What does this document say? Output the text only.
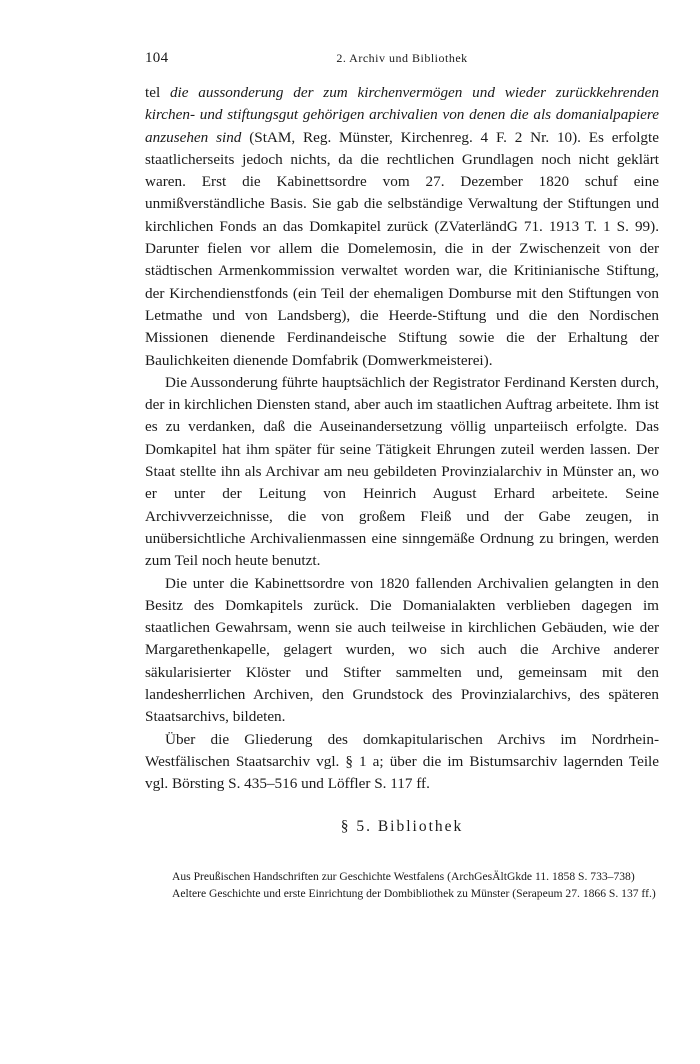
104	2. Archiv und Bibliothek

tel die aussonderung der zum kirchenvermögen und wieder zurückkehrenden kirchen- und stiftungsgut gehörigen archivalien von denen die als domanialpapiere anzusehen sind (StAM, Reg. Münster, Kirchenreg. 4 F. 2 Nr. 10). Es erfolgte staatlicherseits jedoch nichts, da die rechtlichen Grundlagen noch nicht geklärt waren. Erst die Kabinettsordre vom 27. Dezember 1820 schuf eine unmißverständliche Basis. Sie gab die selbständige Verwaltung der Stiftungen und kirchlichen Fonds an das Domkapitel zurück (ZVaterländG 71. 1913 T. 1 S. 99). Darunter fielen vor allem die Domelemosin, die in der Zwischenzeit von der städtischen Armenkommission verwaltet worden war, die Kritinianische Stiftung, der Kirchendienstfonds (ein Teil der ehemaligen Domburse mit den Stiftungen von Letmathe und von Landsberg), die Heerde-Stiftung und die den Nordischen Missionen dienende Ferdinandeische Stiftung sowie die der Erhaltung der Baulichkeiten dienende Domfabrik (Domwerkmeisterei).

Die Aussonderung führte hauptsächlich der Registrator Ferdinand Kersten durch, der in kirchlichen Diensten stand, aber auch im staatlichen Auftrag arbeitete. Ihm ist es zu verdanken, daß die Auseinandersetzung völlig unparteiisch erfolgte. Das Domkapitel hat ihm später für seine Tätigkeit Ehrungen zuteil werden lassen. Der Staat stellte ihn als Archivar am neu gebildeten Provinzialarchiv in Münster an, wo er unter der Leitung von Heinrich August Erhard arbeitete. Seine Archivverzeichnisse, die von großem Fleiß und der Gabe zeugen, in unübersichtliche Archivalienmassen eine sinngemäße Ordnung zu bringen, werden zum Teil noch heute benutzt.

Die unter die Kabinettsordre von 1820 fallenden Archivalien gelangten in den Besitz des Domkapitels zurück. Die Domanialakten verblieben dagegen im staatlichen Gewahrsam, wenn sie auch teilweise in kirchlichen Gebäuden, wie der Margarethenkapelle, gelagert wurden, wo sich auch die Archive anderer säkularisierter Klöster und Stifter sammelten und, gemeinsam mit den landesherrlichen Archiven, den Grundstock des Provinzialarchivs, des späteren Staatsarchivs, bildeten.

Über die Gliederung des domkapitularischen Archivs im Nordrhein-Westfälischen Staatsarchiv vgl. § 1 a; über die im Bistumsarchiv lagernden Teile vgl. Börsting S. 435–516 und Löffler S. 117 ff.

§ 5. Bibliothek

Aus Preußischen Handschriften zur Geschichte Westfalens (ArchGesÄltGkde 11. 1858 S. 733–738)

Aeltere Geschichte und erste Einrichtung der Dombibliothek zu Münster (Serapeum 27. 1866 S. 137 ff.)
